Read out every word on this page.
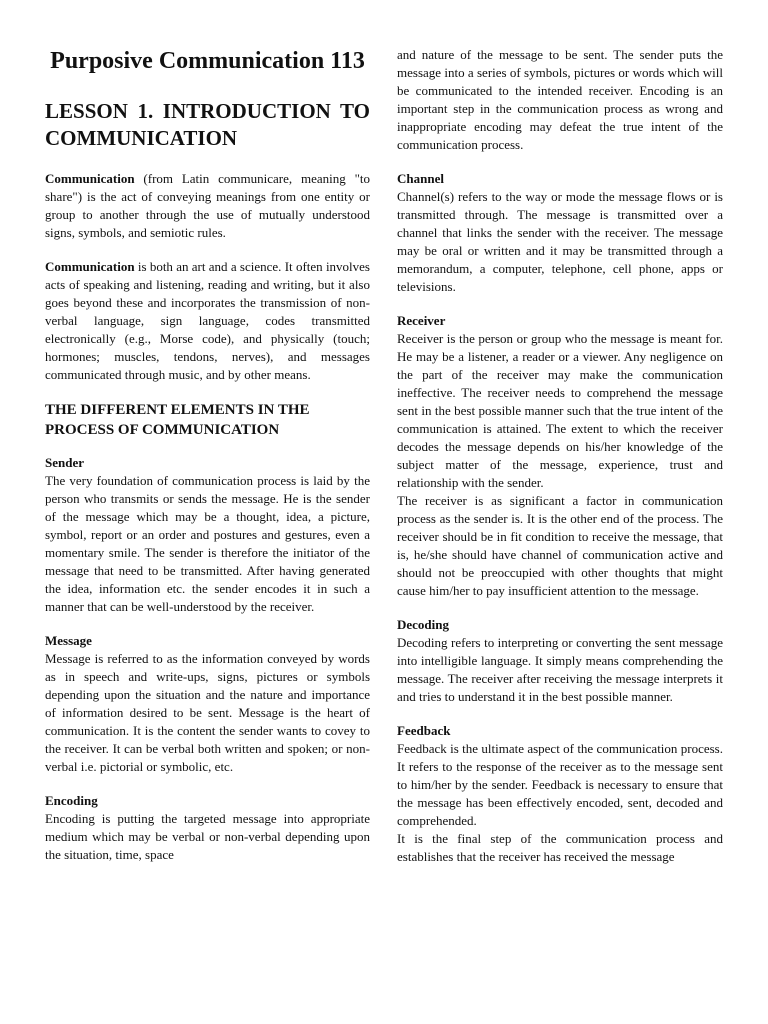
Purposive Communication 113
LESSON 1. INTRODUCTION TO COMMUNICATION

Communication (from Latin communicare, meaning "to share") is the act of conveying meanings from one entity or group to another through the use of mutually understood signs, symbols, and semiotic rules.

Communication is both an art and a science. It often involves acts of speaking and listening, reading and writing, but it also goes beyond these and incorporates the transmission of non-verbal language, sign language, codes transmitted electronically (e.g., Morse code), and physically (touch; hormones; muscles, tendons, nerves), and messages communicated through music, and by other means.

THE DIFFERENT ELEMENTS IN THE PROCESS OF COMMUNICATION
Sender

The very foundation of communication process is laid by the person who transmits or sends the message. He is the sender of the message which may be a thought, idea, a picture, symbol, report or an order and postures and gestures, even a momentary smile. The sender is therefore the initiator of the message that need to be transmitted. After having generated the idea, information etc. the sender encodes it in such a manner that can be well-understood by the receiver.

Message

Message is referred to as the information conveyed by words as in speech and write-ups, signs, pictures or symbols depending upon the situation and the nature and importance of information desired to be sent. Message is the heart of communication. It is the content the sender wants to covey to the receiver. It can be verbal both written and spoken; or non-verbal i.e. pictorial or symbolic, etc.

Encoding

Encoding is putting the targeted message into appropriate medium which may be verbal or non-verbal depending upon the situation, time, space

and nature of the message to be sent. The sender puts the message into a series of symbols, pictures or words which will be communicated to the intended receiver. Encoding is an important step in the communication process as wrong and inappropriate encoding may defeat the true intent of the communication process.

Channel

Channel(s) refers to the way or mode the message flows or is transmitted through. The message is transmitted over a channel that links the sender with the receiver. The message may be oral or written and it may be transmitted through a memorandum, a computer, telephone, cell phone, apps or televisions.

Receiver

Receiver is the person or group who the message is meant for. He may be a listener, a reader or a viewer. Any negligence on the part of the receiver may make the communication ineffective. The receiver needs to comprehend the message sent in the best possible manner such that the true intent of the communication is attained. The extent to which the receiver decodes the message depends on his/her knowledge of the subject matter of the message, experience, trust and relationship with the sender.

The receiver is as significant a factor in communication process as the sender is. It is the other end of the process. The receiver should be in fit condition to receive the message, that is, he/she should have channel of communication active and should not be preoccupied with other thoughts that might cause him/her to pay insufficient attention to the message.

Decoding

Decoding refers to interpreting or converting the sent message into intelligible language. It simply means comprehending the message. The receiver after receiving the message interprets it and tries to understand it in the best possible manner.

Feedback

Feedback is the ultimate aspect of the communication process. It refers to the response of the receiver as to the message sent to him/her by the sender. Feedback is necessary to ensure that the message has been effectively encoded, sent, decoded and comprehended.

It is the final step of the communication process and establishes that the receiver has received the message
